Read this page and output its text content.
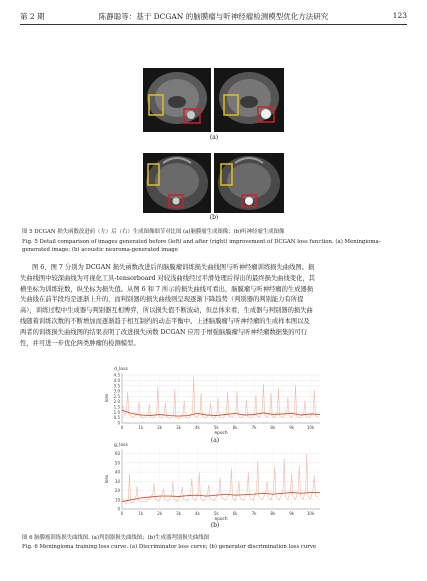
第 2 期	陈静聪等：基于 DCGAN 的脑膜瘤与听神经瘤检测模型优化方法研究	123
(a)
(b)
图 5 DCGAN 损失函数改进前（左）后（右）生成图像细节对比图 (a)脑膜瘤生成图像；(b)听神经瘤生成图像
Fig. 5 Detail comparison of images generated before (left) and after (right) improvement of DCGAN loss function. (a) Meningioma-
generated image; (b) acoustic neuroma-generated image
图 6、图 7 分别为 DCGAN 损失函数改进后的脑膜瘤训练损失曲线图与听神经瘤训练损失曲线图。损
失曲线图中较深曲线为可视化工具-tensorboard 对较浅曲线经过平滑处理后得出的最终损失曲线变化，其
横坐标为训练轮数，纵坐标为损失值。从图 6 和 7 所示的损失曲线可看出，脑膜瘤与听神经瘤的生成器损
失曲线在前半段均是逐渐上升的，而判别器的损失曲线则呈现逐渐下降趋势（判别器的判别能力有所提
高），训练过程中生成器与判别器互相博弈，所以损失值不断波动，但总体来看，生成器与判别器的损失曲
线随着训练次数的不断增加而逐渐趋于相互制约的动态平衡中。上述脑膜瘤与听神经瘤的生成样本图以及
两者的训练损失曲线图的结果表明了改进损失函数 DCGAN 应用于增强脑膜瘤与听神经瘤数据集的可行
性，并可进一步优化两类肿瘤的检测模型。
d_loss
0
0.5
1.0
1.5
2.0
2.5
3.0
3.5
4.0
4.5
0	1k	2k	3k	4k	5k	6k	7k	8k	9k	10k
epoch
loss
(a)
g_loss
0
10
20
30
40
50
60
0	1k	2k	3k	4k	5k	6k	7k	8k	9k	10k
epoch
loss
(b)
图 6 脑膜瘤训练损失曲线图. (a)判别器损失曲线图；(b)生成器判别损失曲线图
Fig. 6 Meningioma training loss curve. (a) Discriminator loss curve; (b) generator discrimination loss curve
